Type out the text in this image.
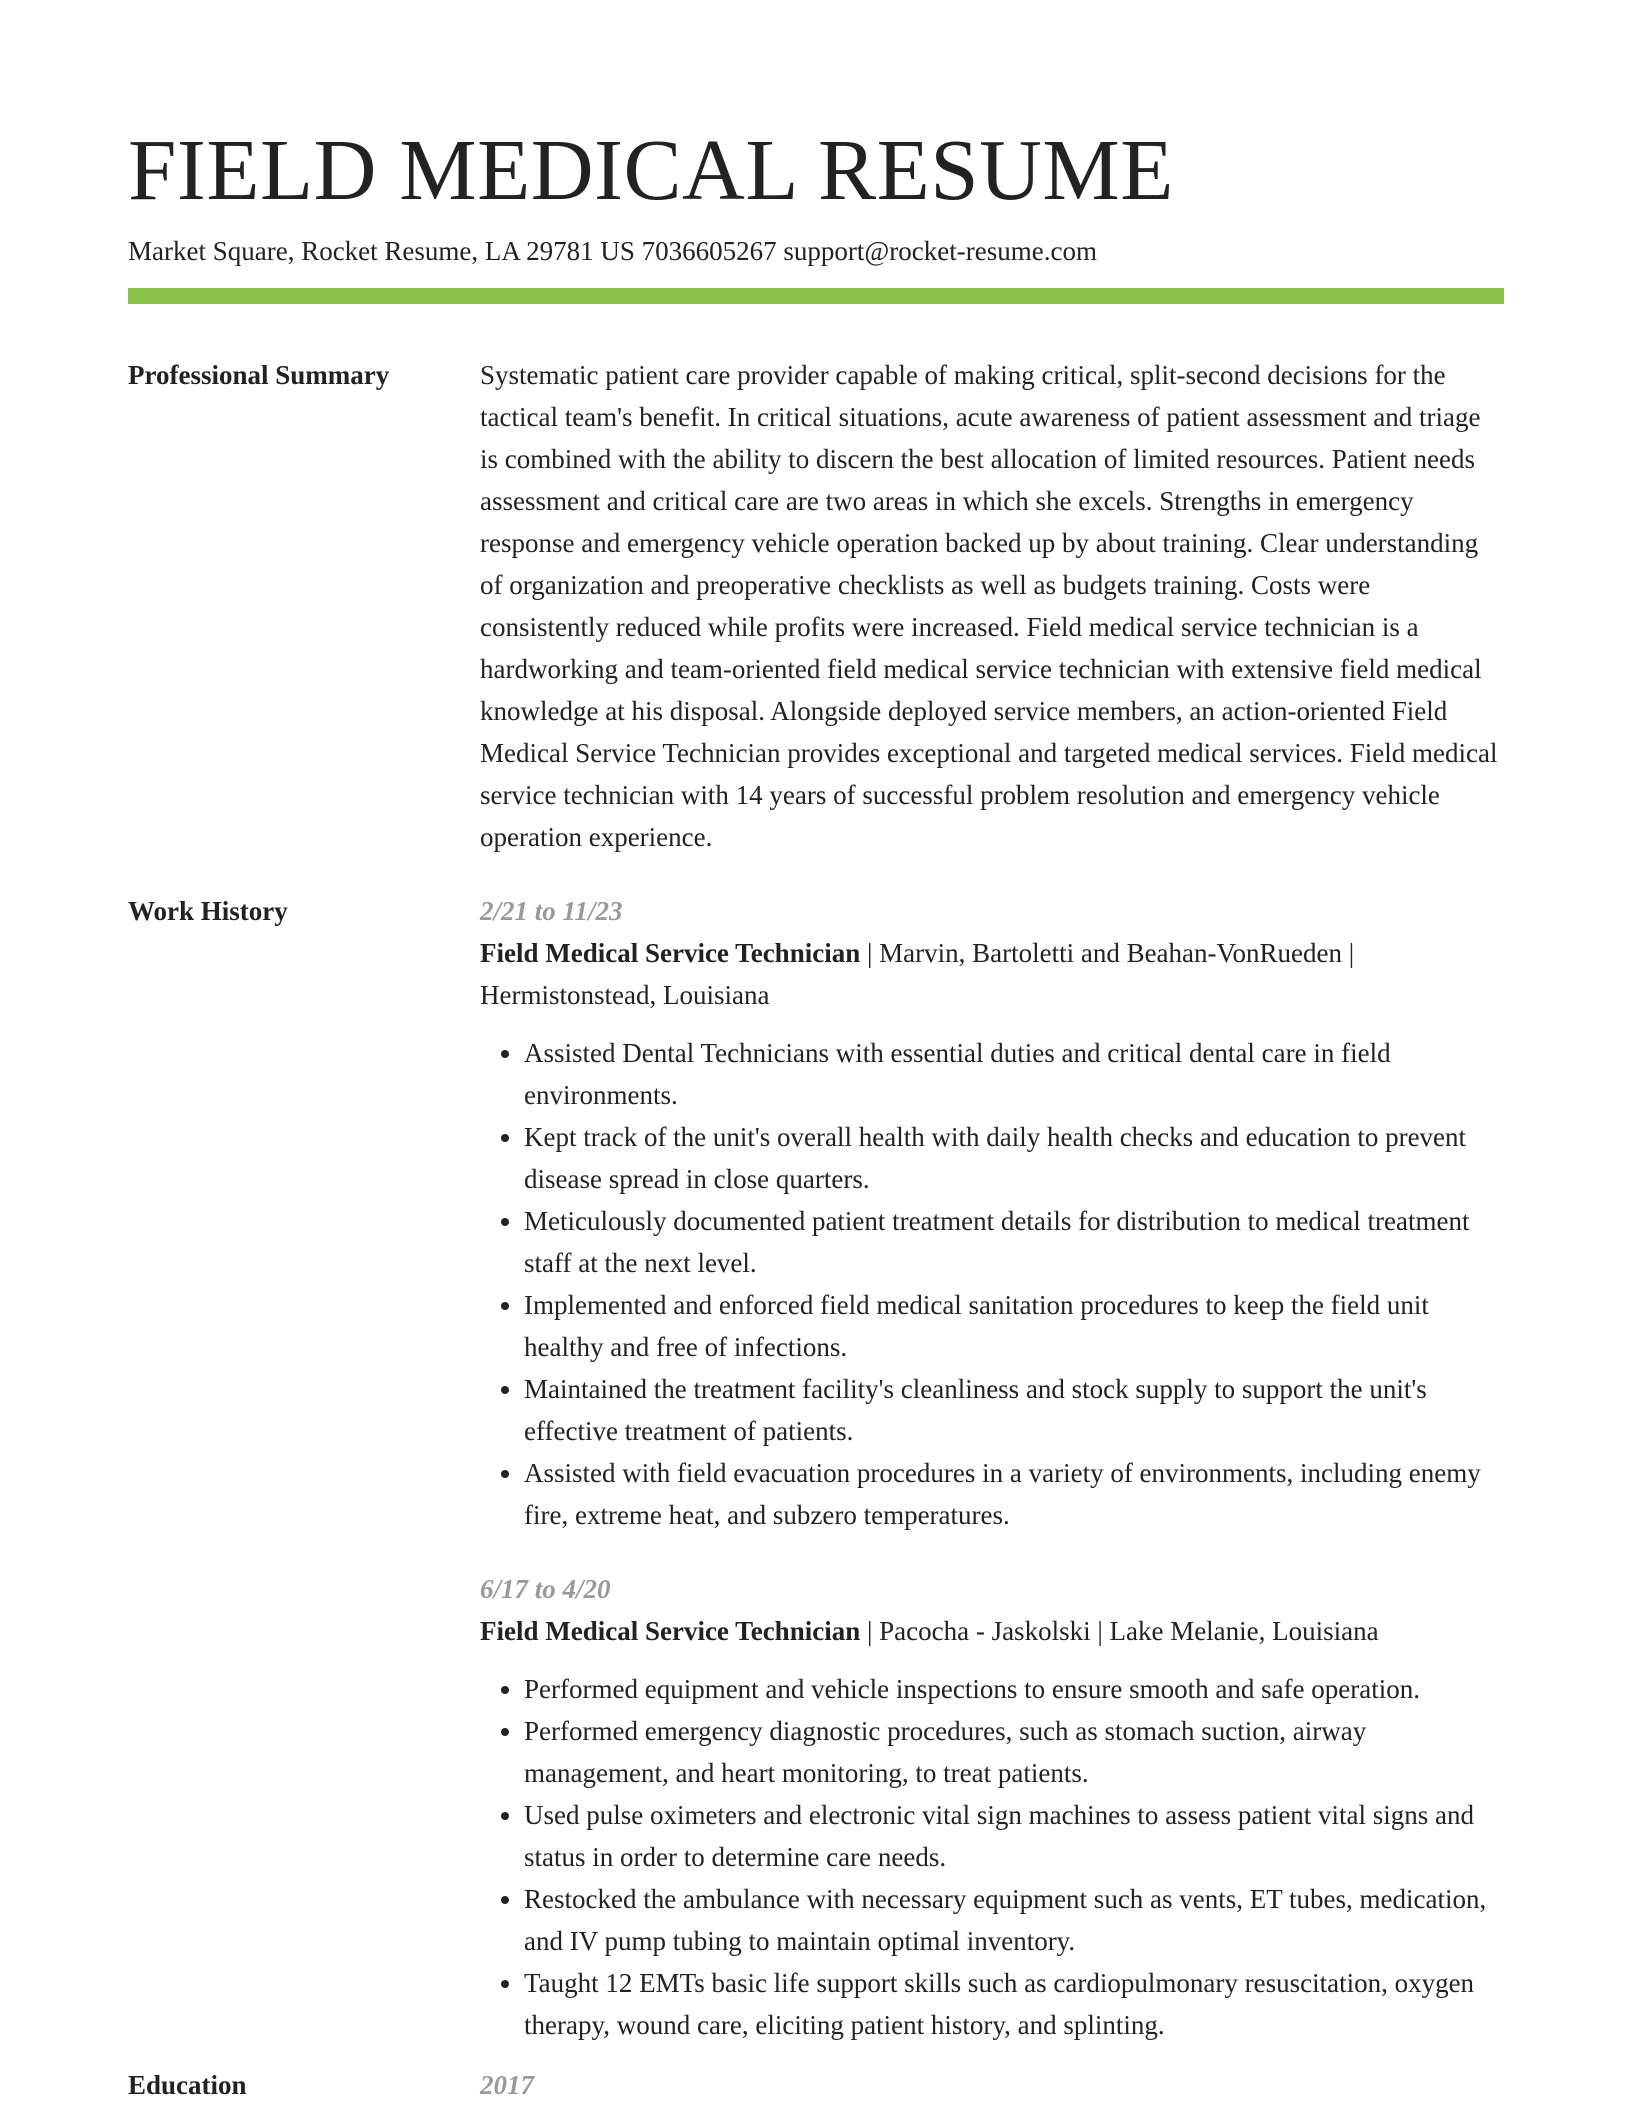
FIELD MEDICAL RESUME
Market Square, Rocket Resume, LA 29781 US 7036605267 support@rocket-resume.com
Professional Summary	Systematic patient care provider capable of making critical, split-second decisions for the tactical team's benefit. In critical situations, acute awareness of patient assessment and triage is combined with the ability to discern the best allocation of limited resources. Patient needs assessment and critical care are two areas in which she excels. Strengths in emergency response and emergency vehicle operation backed up by about training. Clear understanding of organization and preoperative checklists as well as budgets training. Costs were consistently reduced while profits were increased. Field medical service technician is a hardworking and team-oriented field medical service technician with extensive field medical knowledge at his disposal. Alongside deployed service members, an action-oriented Field Medical Service Technician provides exceptional and targeted medical services. Field medical service technician with 14 years of successful problem resolution and emergency vehicle operation experience.

Work History	2/21 to 11/23
Field Medical Service Technician | Marvin, Bartoletti and Beahan-VonRueden | Hermistonstead, Louisiana
• Assisted Dental Technicians with essential duties and critical dental care in field environments.
• Kept track of the unit's overall health with daily health checks and education to prevent disease spread in close quarters.
• Meticulously documented patient treatment details for distribution to medical treatment staff at the next level.
• Implemented and enforced field medical sanitation procedures to keep the field unit healthy and free of infections.
• Maintained the treatment facility's cleanliness and stock supply to support the unit's effective treatment of patients.
• Assisted with field evacuation procedures in a variety of environments, including enemy fire, extreme heat, and subzero temperatures.
6/17 to 4/20
Field Medical Service Technician | Pacocha - Jaskolski | Lake Melanie, Louisiana
• Performed equipment and vehicle inspections to ensure smooth and safe operation.
• Performed emergency diagnostic procedures, such as stomach suction, airway management, and heart monitoring, to treat patients.
• Used pulse oximeters and electronic vital sign machines to assess patient vital signs and status in order to determine care needs.
• Restocked the ambulance with necessary equipment such as vents, ET tubes, medication, and IV pump tubing to maintain optimal inventory.
• Taught 12 EMTs basic life support skills such as cardiopulmonary resuscitation, oxygen therapy, wound care, eliciting patient history, and splinting.
Education	2017
